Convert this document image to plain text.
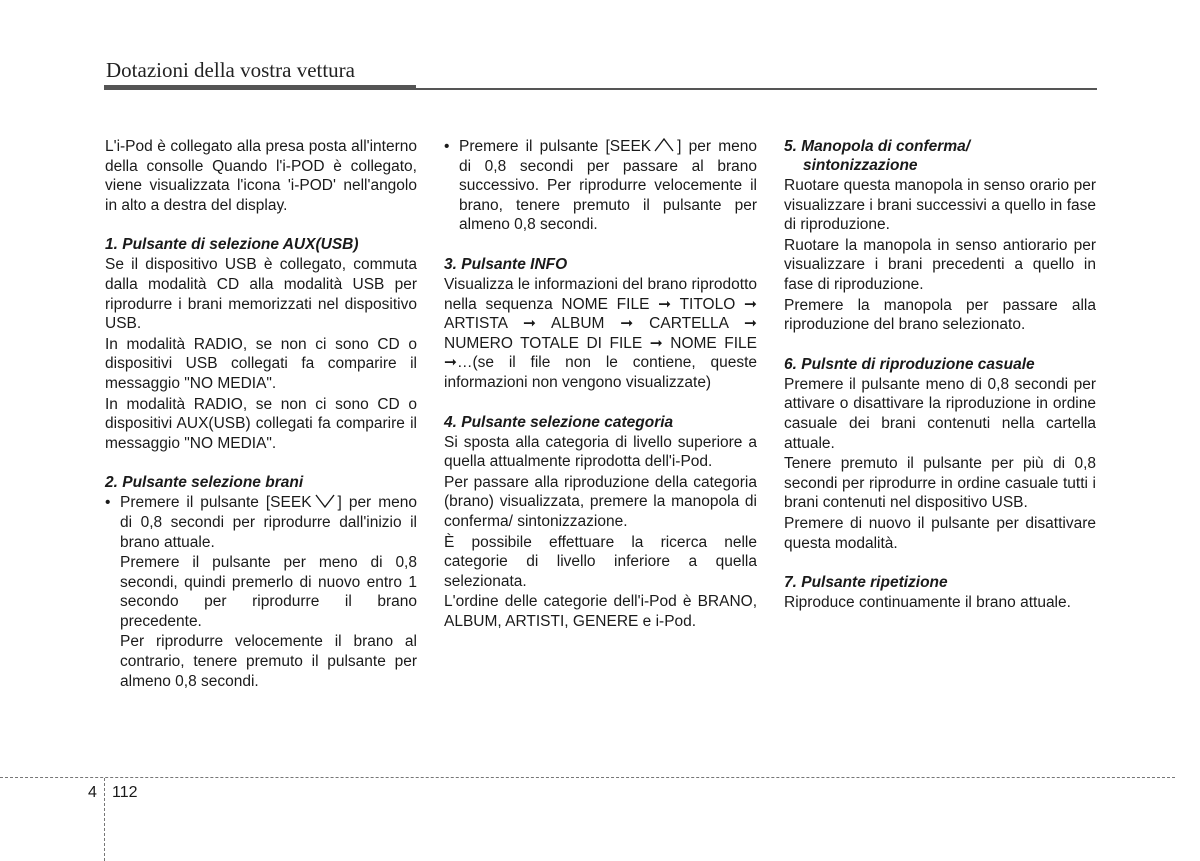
Dotazioni della vostra vettura

L'i-Pod è collegato alla presa posta all'interno della consolle Quando l'i-POD è collegato, viene visualizzata l'icona 'i-POD' nell'angolo in alto a destra del display.

1. Pulsante di selezione AUX(USB)

Se il dispositivo USB è collegato, commuta dalla modalità CD alla modalità USB per riprodurre i brani memorizzati nel dispositivo USB.

In modalità RADIO, se non ci sono CD o dispositivi USB collegati fa comparire il messaggio "NO MEDIA".

In modalità RADIO, se non ci sono CD o dispositivi AUX(USB) collegati fa comparire il messaggio "NO MEDIA".

2. Pulsante selezione brani
• Premere il pulsante [SEEK ] per meno di 0,8 secondi per riprodurre dall'inizio il brano attuale.

Premere il pulsante per meno di 0,8 secondi, quindi premerlo di nuovo entro 1 secondo per riprodurre il brano precedente.

Per riprodurre velocemente il brano al contrario, tenere premuto il pulsante per almeno 0,8 secondi.

• Premere il pulsante [SEEK ] per meno di 0,8 secondi per passare al brano successivo. Per riprodurre velocemente il brano, tenere premuto il pulsante per almeno 0,8 secondi.
3. Pulsante INFO

Visualizza le informazioni del brano riprodotto nella sequenza NOME FILE ➞ TITOLO ➞ ARTISTA ➞ ALBUM ➞ CARTELLA ➞ NUMERO TOTALE DI FILE ➞ NOME FILE ➞…(se il file non le contiene, queste informazioni non vengono visualizzate)

4. Pulsante selezione categoria

Si sposta alla categoria di livello superiore a quella attualmente riprodotta dell'i-Pod.

Per passare alla riproduzione della categoria (brano) visualizzata, premere la manopola di conferma/ sintonizzazione.

È possibile effettuare la ricerca nelle categorie di livello inferiore a quella selezionata.

L'ordine delle categorie dell'i-Pod è BRANO, ALBUM, ARTISTI, GENERE e i-Pod.

5. Manopola di conferma/
sintonizzazione

Ruotare questa manopola in senso orario per visualizzare i brani successivi a quello in fase di riproduzione.

Ruotare la manopola in senso antiorario per visualizzare i brani precedenti a quello in fase di riproduzione.

Premere la manopola per passare alla riproduzione del brano selezionato.

6. Pulsnte di riproduzione casuale

Premere il pulsante meno di 0,8 secondi per attivare o disattivare la riproduzione in ordine casuale dei brani contenuti nella cartella attuale.

Tenere premuto il pulsante per più di 0,8 secondi per riprodurre in ordine casuale tutti i brani contenuti nel dispositivo USB.

Premere di nuovo il pulsante per disattivare questa modalità.

7. Pulsante ripetizione

Riproduce continuamente il brano attuale.

4 112
